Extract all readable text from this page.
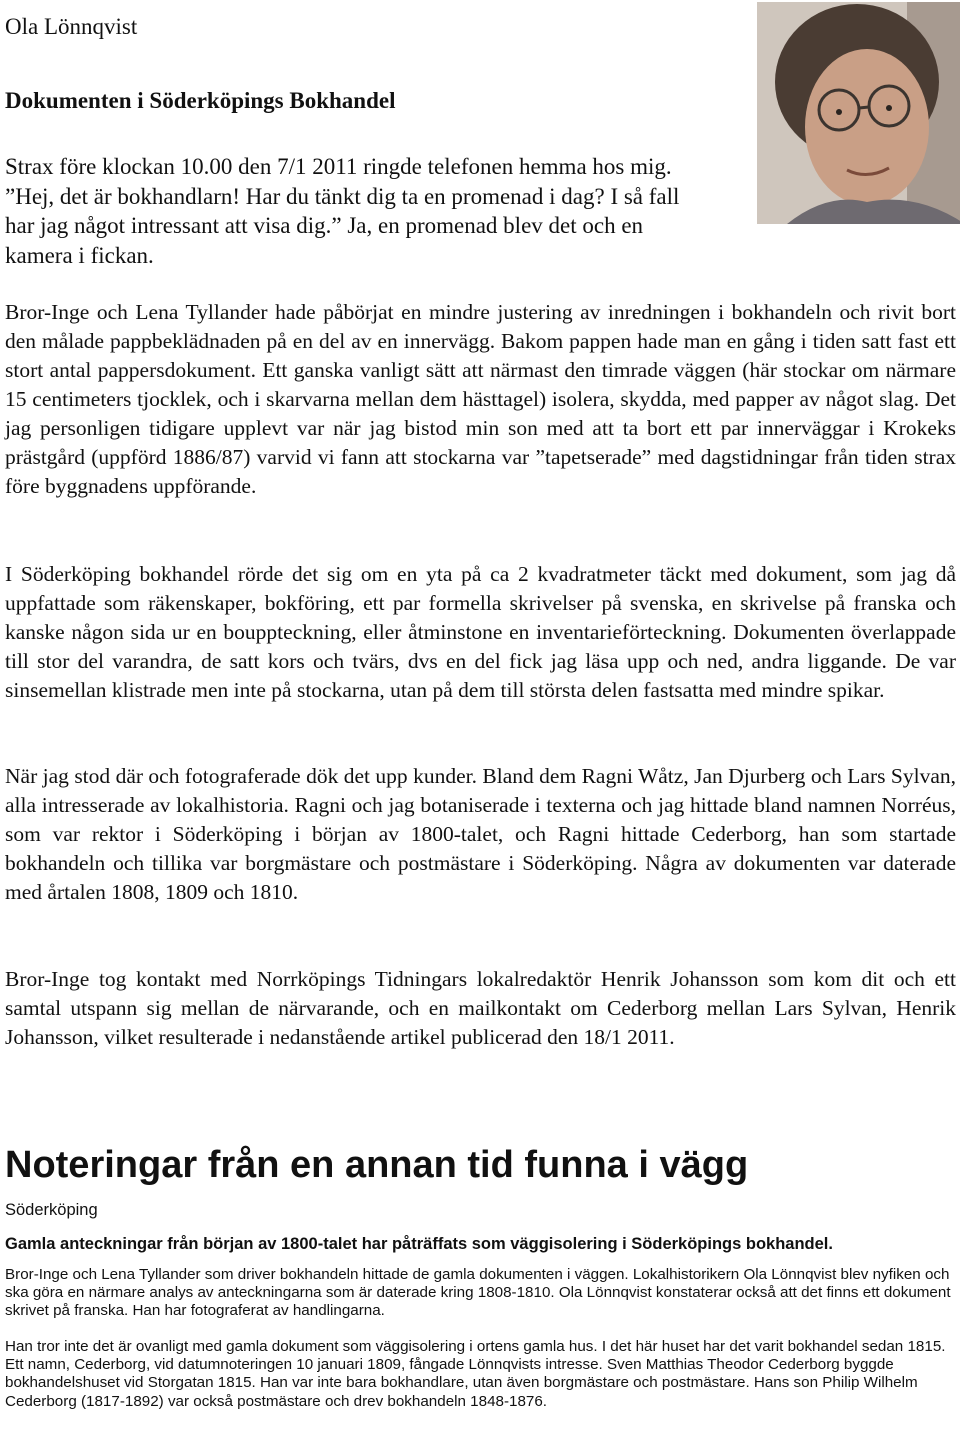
Ola Lönnqvist
Dokumenten i Söderköpings Bokhandel

Strax före klockan 10.00 den 7/1 2011 ringde telefonen hemma hos mig. ”Hej, det är bokhandlarn! Har du tänkt dig ta en promenad i dag? I så fall har jag något intressant att visa dig.” Ja, en promenad blev det och en kamera i fickan.

Bror-Inge och Lena Tyllander hade påbörjat en mindre justering av inredningen i bokhandeln och rivit bort den målade pappbeklädnaden på en del av en innervägg. Bakom pappen hade man en gång i tiden satt fast ett stort antal pappersdokument. Ett ganska vanligt sätt att närmast den timrade väggen (här stockar om närmare 15 centimeters tjocklek, och i skarvarna mellan dem hästtagel) isolera, skydda, med papper av något slag. Det jag personligen tidigare upplevt var när jag bistod min son med att ta bort ett par innerväggar i Krokeks prästgård (uppförd 1886/87) varvid vi fann att stockarna var ”tapetserade” med dagstidningar från tiden strax före byggnadens uppförande.

I Söderköping bokhandel rörde det sig om en yta på ca 2 kvadratmeter täckt med dokument, som jag då uppfattade som räkenskaper, bokföring, ett par formella skrivelser på svenska, en skrivelse på franska och kanske någon sida ur en bouppteckning, eller åtminstone en inventarieförteckning. Dokumenten överlappade till stor del varandra, de satt kors och tvärs, dvs en del fick jag läsa upp och ned, andra liggande. De var sinsemellan klistrade men inte på stockarna, utan på dem till största delen fastsatta med mindre spikar.

När jag stod där och fotograferade dök det upp kunder. Bland dem Ragni Wåtz, Jan Djurberg och Lars Sylvan, alla intresserade av lokalhistoria. Ragni och jag botaniserade i texterna och jag hittade bland namnen Norréus, som var rektor i Söderköping i början av 1800-talet, och Ragni hittade Cederborg, han som startade bokhandeln och tillika var borgmästare och postmästare i Söderköping. Några av dokumenten var daterade med årtalen 1808, 1809 och 1810.

Bror-Inge tog kontakt med Norrköpings Tidningars lokalredaktör Henrik Johansson som kom dit och ett samtal utspann sig mellan de närvarande, och en mailkontakt om Cederborg mellan Lars Sylvan, Henrik Johansson, vilket resulterade i nedanstående artikel publicerad den 18/1 2011.

Noteringar från en annan tid funna i vägg
Söderköping
Gamla anteckningar från början av 1800-talet har påträffats som väggisolering i Söderköpings bokhandel.

Bror-Inge och Lena Tyllander som driver bokhandeln hittade de gamla dokumenten i väggen. Lokalhistorikern Ola Lönnqvist blev nyfiken och ska göra en närmare analys av anteckningarna som är daterade kring 1808-1810. Ola Lönnqvist konstaterar också att det finns ett dokument skrivet på franska. Han har fotograferat av handlingarna.

Han tror inte det är ovanligt med gamla dokument som väggisolering i ortens gamla hus. I det här huset har det varit bokhandel sedan 1815. Ett namn, Cederborg, vid datumnoteringen 10 januari 1809, fångade Lönnqvists intresse. Sven Matthias Theodor Cederborg byggde bokhandelshuset vid Storgatan 1815. Han var inte bara bokhandlare, utan även borgmästare och postmästare. Hans son Philip Wilhelm Cederborg (1817-1892) var också postmästare och drev bokhandeln 1848-1876.
